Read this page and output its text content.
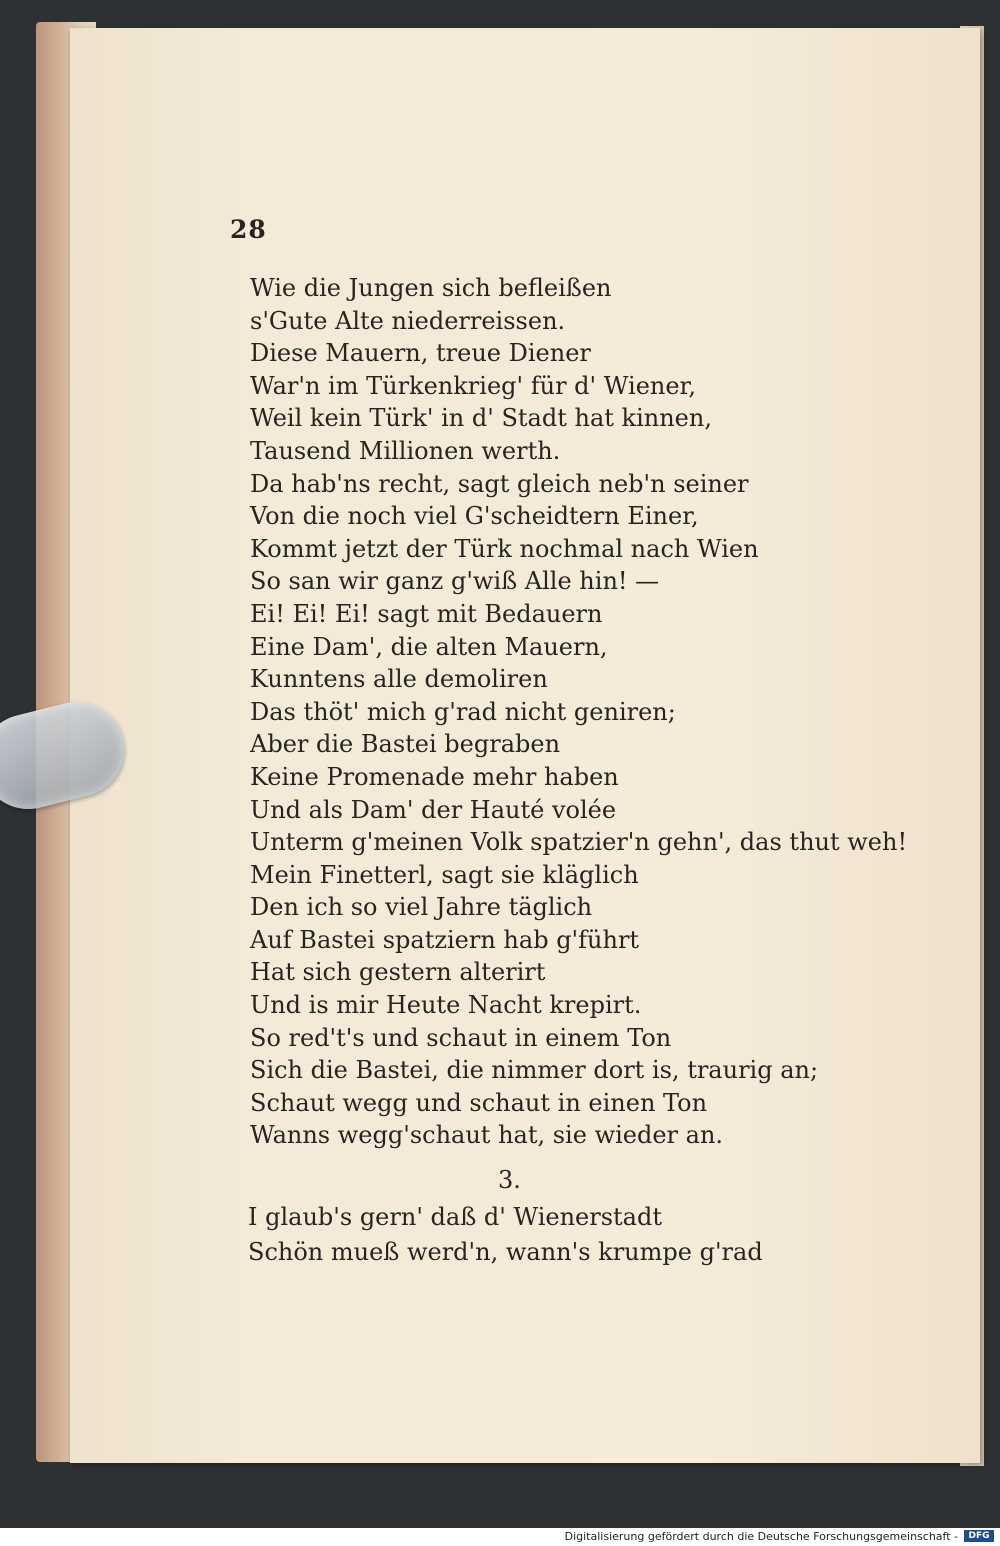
28
Wie die Jungen sich befleißen
s'Gute Alte niederreissen.
Diese Mauern, treue Diener
War'n im Türkenkrieg' für d' Wiener,
Weil kein Türk' in d' Stadt hat kinnen,
Tausend Millionen werth.
Da hab'ns recht, sagt gleich neb'n seiner
Von die noch viel G'scheidtern Einer,
Kommt jetzt der Türk nochmal nach Wien
So san wir ganz g'wiß Alle hin! —
Ei! Ei! Ei! sagt mit Bedauern
Eine Dam', die alten Mauern,
Kunntens alle demoliren
Das thöt' mich g'rad nicht geniren;
Aber die Bastei begraben
Keine Promenade mehr haben
Und als Dam' der Hauté volée
Unterm g'meinen Volk spatzier'n gehn', das thut weh!
Mein Finetterl, sagt sie kläglich
Den ich so viel Jahre täglich
Auf Bastei spatziern hab g'führt
Hat sich gestern alterirt
Und is mir Heute Nacht krepirt.
So red't's und schaut in einem Ton
Sich die Bastei, die nimmer dort is, traurig an;
Schaut wegg und schaut in einen Ton
Wanns wegg'schaut hat, sie wieder an.
3.
I glaub's gern' daß d' Wienerstadt
Schön mueß werd'n, wann's krumpe g'rad
Digitalisierung gefördert durch die Deutsche Forschungsgemeinschaft -	DFG
